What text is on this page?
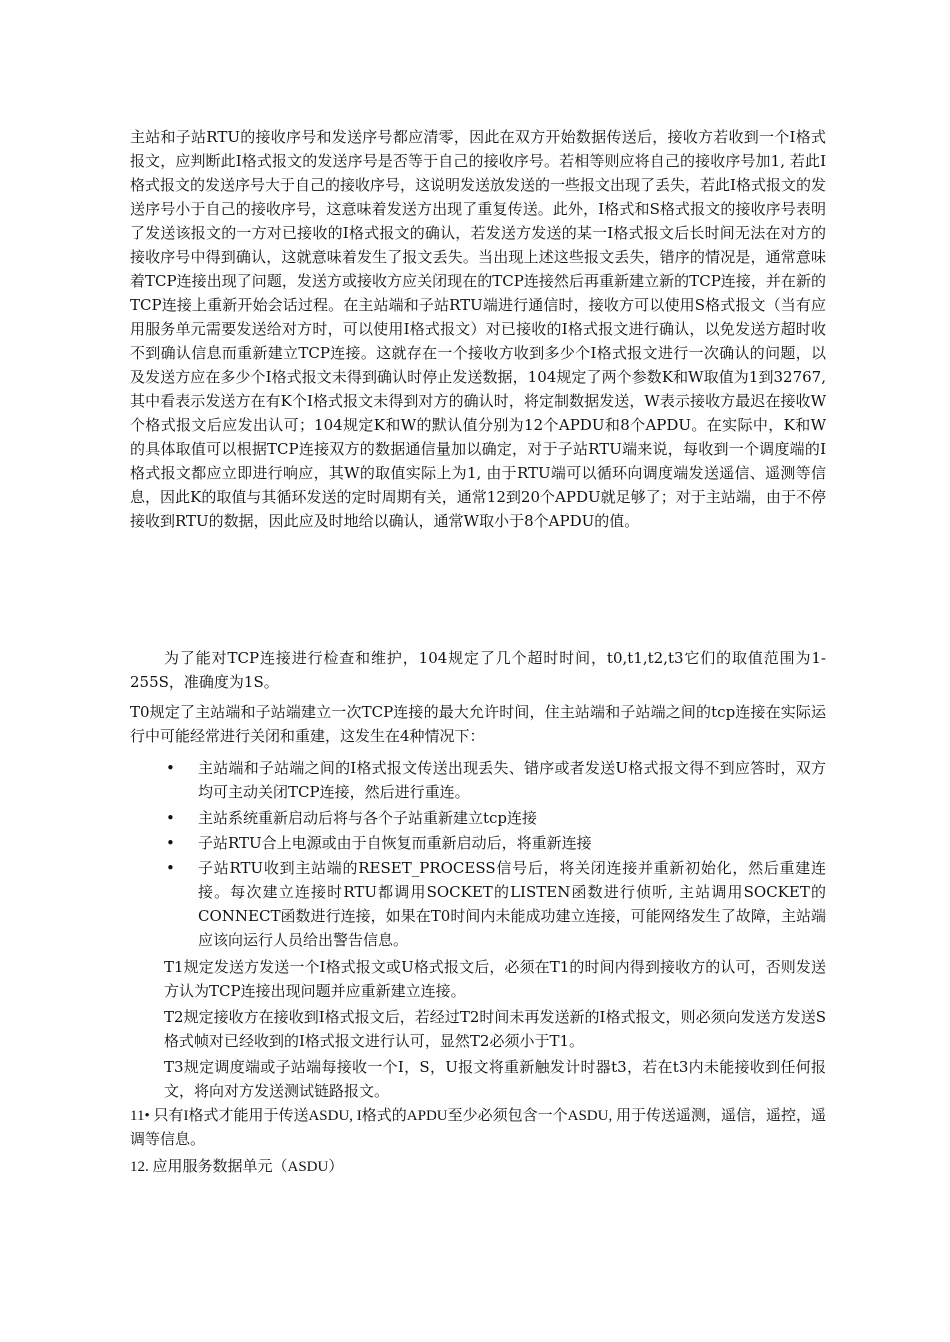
主站和子站RTU的接收序号和发送序号都应清零，因此在双方开始数据传送后，接收方若收到一个I格式报文，应判断此I格式报文的发送序号是否等于自己的接收序号。若相等则应将自己的接收序号加1, 若此I格式报文的发送序号大于自己的接收序号，这说明发送放发送的一些报文出现了丢失，若此I格式报文的发送序号小于自己的接收序号，这意味着发送方出现了重复传送。此外，I格式和S格式报文的接收序号表明了发送该报文的一方对已接收的I格式报文的确认，若发送方发送的某一I格式报文后长时间无法在对方的接收序号中得到确认，这就意味着发生了报文丢失。当出现上述这些报文丢失，错序的情况是，通常意味着TCP连接出现了问题，发送方或接收方应关闭现在的TCP连接然后再重新建立新的TCP连接，并在新的TCP连接上重新开始会话过程。在主站端和子站RTU端进行通信时，接收方可以使用S格式报文（当有应用服务单元需要发送给对方时，可以使用I格式报文）对已接收的I格式报文进行确认，以免发送方超时收不到确认信息而重新建立TCP连接。这就存在一个接收方收到多少个I格式报文进行一次确认的问题，以及发送方应在多少个I格式报文未得到确认时停止发送数据，104规定了两个参数K和W取值为1到32767, 其中看表示发送方在有K个I格式报文未得到对方的确认时，将定制数据发送，W表示接收方最迟在接收W个格式报文后应发出认可；104规定K和W的默认值分别为12个APDU和8个APDU。在实际中，K和W的具体取值可以根据TCP连接双方的数据通信量加以确定，对于子站RTU端来说，每收到一个调度端的I格式报文都应立即进行响应，其W的取值实际上为1, 由于RTU端可以循环向调度端发送遥信、遥测等信息，因此K的取值与其循环发送的定时周期有关，通常12到20个APDU就足够了；对于主站端，由于不停接收到RTU的数据，因此应及时地给以确认，通常W取小于8个APDU的值。

为了能对TCP连接进行检查和维护，104规定了几个超时时间，t0,t1,t2,t3它们的取值范围为1-255S，准确度为1S。

T0规定了主站端和子站端建立一次TCP连接的最大允许时间，住主站端和子站端之间的tcp连接在实际运行中可能经常进行关闭和重建，这发生在4种情况下：

• 主站端和子站端之间的I格式报文传送出现丢失、错序或者发送U格式报文得不到应答时，双方均可主动关闭TCP连接，然后进行重连。

• 主站系统重新启动后将与各个子站重新建立tcp连接

• 子站RTU合上电源或由于自恢复而重新启动后，将重新连接

• 子站RTU收到主站端的RESET_PROCESS信号后，将关闭连接并重新初始化，然后重建连接。每次建立连接时RTU都调用SOCKET的LISTEN函数进行侦听, 主站调用SOCKET的CONNECT函数进行连接，如果在T0时间内未能成功建立连接，可能网络发生了故障，主站端应该向运行人员给出警告信息。

T1规定发送方发送一个I格式报文或U格式报文后，必须在T1的时间内得到接收方的认可，否则发送方认为TCP连接出现问题并应重新建立连接。

T2规定接收方在接收到I格式报文后，若经过T2时间未再发送新的I格式报文，则必须向发送方发送S格式帧对已经收到的I格式报文进行认可，显然T2必须小于T1。

T3规定调度端或子站端每接收一个I，S，U报文将重新触发计时器t3，若在t3内未能接收到任何报文，将向对方发送测试链路报文。

11• 只有I格式才能用于传送ASDU, I格式的APDU至少必须包含一个ASDU, 用于传送遥测，遥信，遥控，遥调等信息。

12. 应用服务数据单元（ASDU）
